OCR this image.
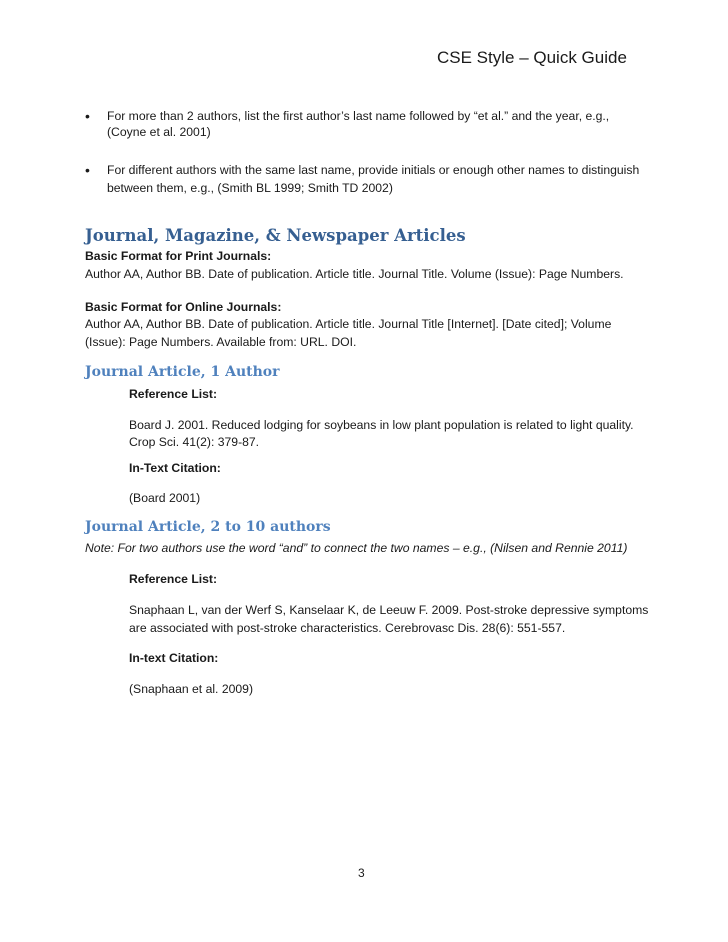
CSE Style – Quick Guide
• For more than 2 authors, list the first author’s last name followed by “et al.” and the year, e.g.,
(Coyne et al. 2001)
• For different authors with the same last name, provide initials or enough other names to distinguish
between them, e.g., (Smith BL 1999; Smith TD 2002)
Journal, Magazine, & Newspaper Articles
Basic Format for Print Journals:
Author AA, Author BB. Date of publication. Article title. Journal Title. Volume (Issue): Page Numbers.
Basic Format for Online Journals:
Author AA, Author BB. Date of publication. Article title. Journal Title [Internet]. [Date cited]; Volume
(Issue): Page Numbers. Available from: URL. DOI.
Journal Article, 1 Author
Reference List:
Board J. 2001. Reduced lodging for soybeans in low plant population is related to light quality.
Crop Sci. 41(2): 379-87.
In-Text Citation:
(Board 2001)
Journal Article, 2 to 10 authors
Note: For two authors use the word “and” to connect the two names – e.g., (Nilsen and Rennie 2011)
Reference List:
Snaphaan L, van der Werf S, Kanselaar K, de Leeuw F. 2009. Post-stroke depressive symptoms
are associated with post-stroke characteristics. Cerebrovasc Dis. 28(6): 551-557.
In-text Citation:
(Snaphaan et al. 2009)
3
